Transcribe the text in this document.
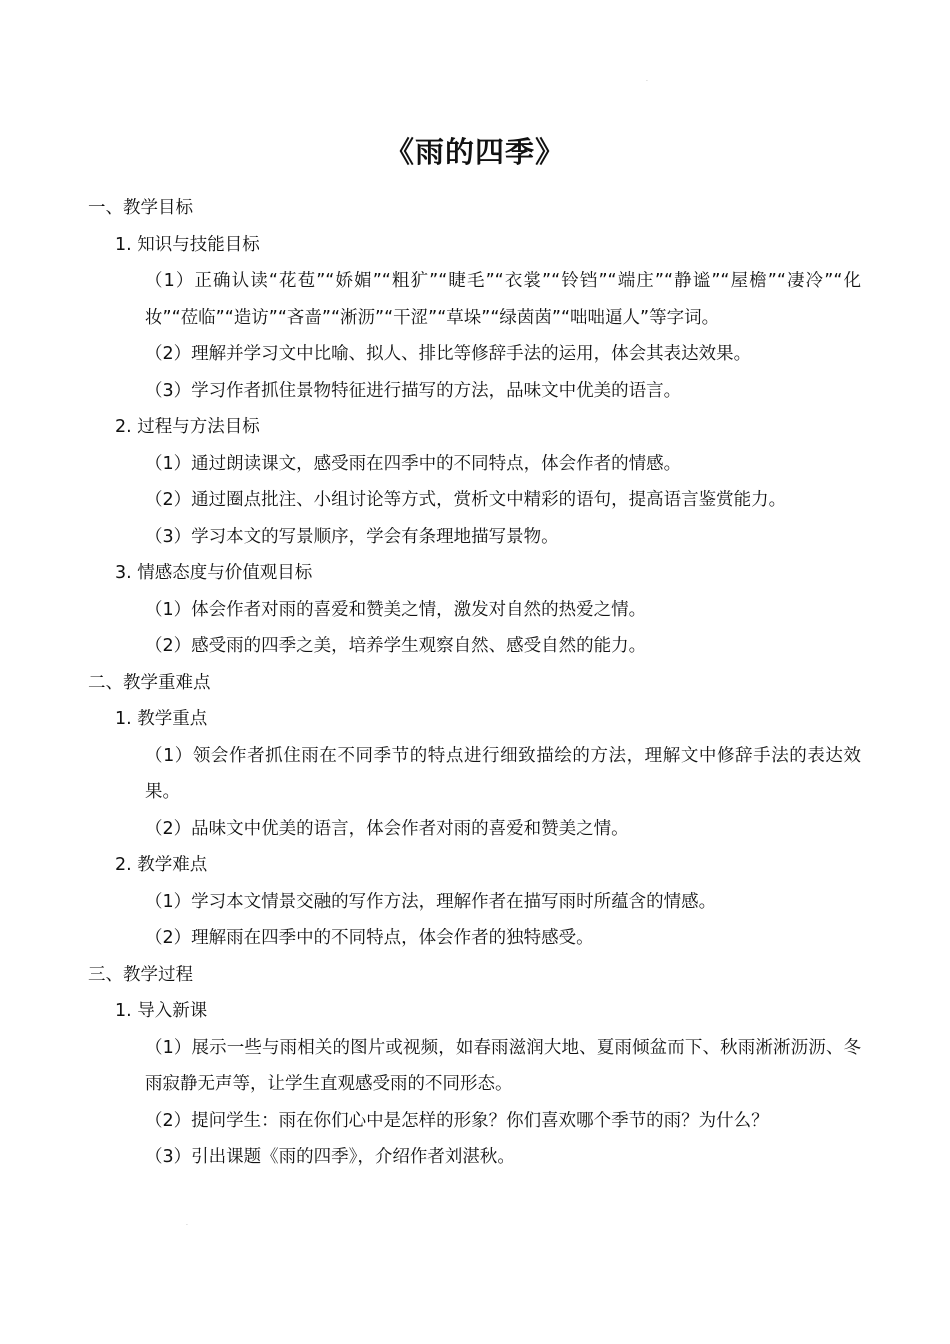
·
《雨的四季》
一、教学目标
1. 知识与技能目标
（1）正确认读“花苞”“娇媚”“粗犷”“睫毛”“衣裳”“铃铛”“端庄”“静谧”“屋檐”“凄冷”“化妆”“莅临”“造访”“吝啬”“淅沥”“干涩”“草垛”“绿茵茵”“咄咄逼人”等字词。
（2）理解并学习文中比喻、拟人、排比等修辞手法的运用，体会其表达效果。
（3）学习作者抓住景物特征进行描写的方法，品味文中优美的语言。
2. 过程与方法目标
（1）通过朗读课文，感受雨在四季中的不同特点，体会作者的情感。
（2）通过圈点批注、小组讨论等方式，赏析文中精彩的语句，提高语言鉴赏能力。
（3）学习本文的写景顺序，学会有条理地描写景物。
3. 情感态度与价值观目标
（1）体会作者对雨的喜爱和赞美之情，激发对自然的热爱之情。
（2）感受雨的四季之美，培养学生观察自然、感受自然的能力。
二、教学重难点
1. 教学重点
（1）领会作者抓住雨在不同季节的特点进行细致描绘的方法，理解文中修辞手法的表达效果。
（2）品味文中优美的语言，体会作者对雨的喜爱和赞美之情。
2. 教学难点
（1）学习本文情景交融的写作方法，理解作者在描写雨时所蕴含的情感。
（2）理解雨在四季中的不同特点，体会作者的独特感受。
三、教学过程
1. 导入新课
（1）展示一些与雨相关的图片或视频，如春雨滋润大地、夏雨倾盆而下、秋雨淅淅沥沥、冬雨寂静无声等，让学生直观感受雨的不同形态。
（2）提问学生：雨在你们心中是怎样的形象？你们喜欢哪个季节的雨？为什么？
（3）引出课题《雨的四季》，介绍作者刘湛秋。
·
